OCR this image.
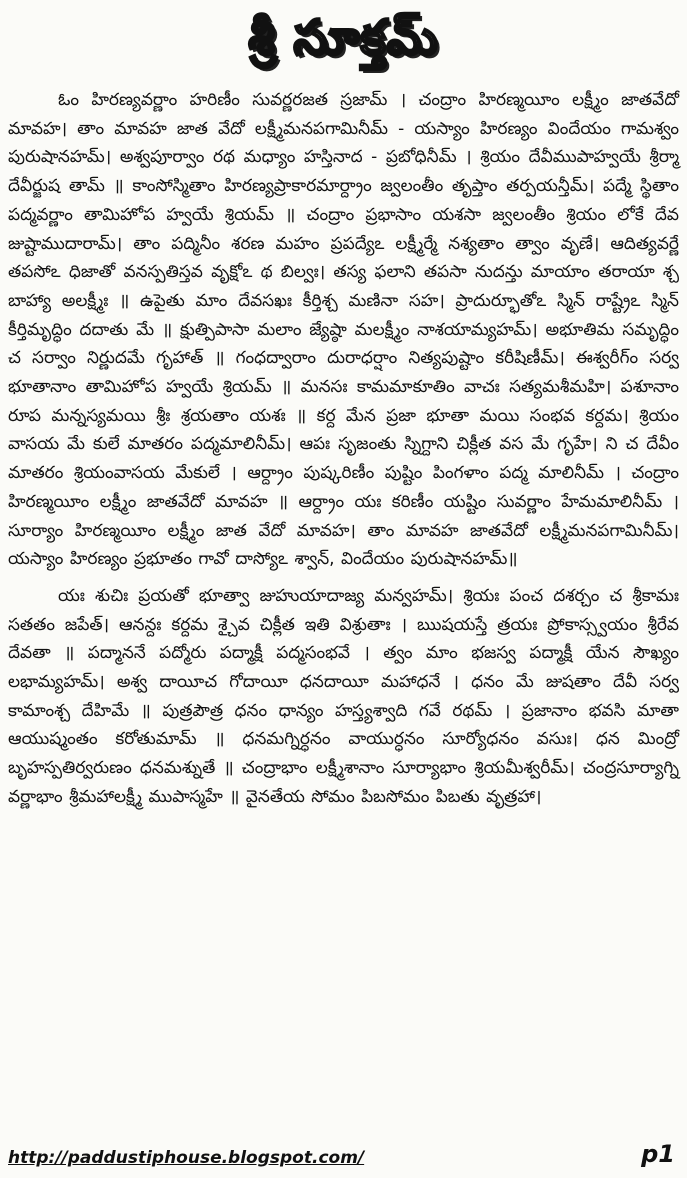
శ్రీ సూక్తమ్

ఓం హిరణ్యవర్ణాం హరిణీం సువర్ణరజత స్రజామ్ । చంద్రాం హిరణ్మయీం లక్ష్మీం జాతవేదో మావహ। తాం మావహ జాత వేదో లక్ష్మీమనపగామినీమ్ - యస్యాం హిరణ్యం విందేయం గామశ్వం పురుషానహమ్। అశ్వపూర్వాం రథ మధ్యాం హస్తినాద - ప్రబోధినీమ్ । శ్రియం దేవీముపాహ్వయే శ్రీర్మా దేవీర్జుష తామ్ ॥ కాంసోస్మితాం హిరణ్యప్రాకారమార్ద్రాం జ్వలంతీం తృప్తాం తర్పయన్తీమ్। పద్మే స్థితాం పద్మవర్ణాం తామిహోప హ్వయే శ్రియమ్ ॥ చంద్రాం ప్రభాసాం యశసా జ్వలంతీం శ్రియం లోకే దేవ జుష్టాముదారామ్। తాం పద్మినీం శరణ మహం ప్రపద్యేఽ లక్ష్మీర్మే నశ్యతాం త్వాం వృణే। ఆదిత్యవర్ణే తపసోఽ ధిజాతో వనస్పతిస్తవ వృక్షోఽ థ బిల్వః। తస్య ఫలాని తపసా నుదన్తు మాయాం తరాయా శ్చ బాహ్యా అలక్ష్మీః ॥ ఉపైతు మాం దేవసఖః కీర్తిశ్చ మణినా సహ। ప్రాదుర్భూతోఽ స్మిన్ రాష్ట్రేఽ స్మిన్ కీర్తిమృద్ధిం దదాతు మే ॥ క్షుత్పిపాసా మలాం జ్యేష్ఠా మలక్ష్మీం నాశయామ్యహమ్। అభూతిమ సమృద్ధిం చ సర్వాం నిర్ణుదమే గృహాత్ ॥ గంధద్వారాం దురాధర్షాం నిత్యపుష్టాం కరీషిణీమ్। ఈశ్వరీగ్ం సర్వ భూతానాం తామిహోప హ్వయే శ్రియమ్ ॥ మనసః కామమాకూతిం వాచః సత్యమశీమహి। పశూనాం రూప మన్నస్యమయి శ్రీః శ్రయతాం యశః ॥ కర్ద మేన ప్రజా భూతా మయి సంభవ కర్దమ। శ్రియం వాసయ మే కులే మాతరం పద్మమాలినీమ్। ఆపః సృజంతు స్నిగ్దాని చిక్లీత వస మే గృహే। ని చ దేవీం మాతరం శ్రియంవాసయ మేకులే । ఆర్ద్రాం పుష్కరిణీం పుష్టిం పింగళాం పద్మ మాలినీమ్ । చంద్రాం హిరణ్మయీం లక్ష్మీం జాతవేదో మావహ ॥ ఆర్ద్రాం యః కరిణీం యష్టిం సువర్ణాం హేమమాలినీమ్ । సూర్యాం హిరణ్మయీం లక్ష్మీం జాత వేదో మావహ। తాం మావహ జాతవేదో లక్ష్మీమనపగామినీమ్। యస్యాం హిరణ్యం ప్రభూతం గావో దాస్యోఽ శ్వాన్, విందేయం పురుషానహమ్॥

యః శుచిః ప్రయతో భూత్వా జుహుయాదాజ్య మన్వహమ్। శ్రియః పంచ దశర్చం చ శ్రీకామః సతతం జపేత్। ఆనన్దః కర్దమ శ్చైవ చిక్లీత ఇతి విశ్రుతాః । ఋషయస్తే త్రయః ప్రోకాస్స్వయం శ్రీరేవ దేవతా ॥ పద్మాననే పద్మోరు పద్మాక్షీ పద్మసంభవే । త్వం మాం భజస్వ పద్మాక్షీ యేన సౌఖ్యం లభామ్యహమ్। అశ్వ దాయీచ గోదాయీ ధనదాయీ మహాధనే । ధనం మే జుషతాం దేవీ సర్వ కామాంశ్చ దేహిమే ॥ పుత్రపౌత్ర ధనం ధాన్యం హస్త్యశ్వాది గవే రథమ్ । ప్రజానాం భవసి మాతా ఆయుష్మంతం కరోతుమామ్ ॥ ధనమగ్నిర్ధనం వాయుర్ధనం సూర్యోధనం వసుః। ధన మింద్రో బృహస్పతిర్వరుణం ధనమశ్నుతే ॥ చంద్రాభాం లక్ష్మీశానాం సూర్యాభాం శ్రియమీశ్వరీమ్। చంద్రసూర్యాగ్ని వర్ణాభాం శ్రీమహాలక్ష్మీ ముపాస్మహే ॥ వైనతేయ సోమం పిబసోమం పిబతు వృత్రహా।

http://paddustiphouse.blogspot.com/	p1
